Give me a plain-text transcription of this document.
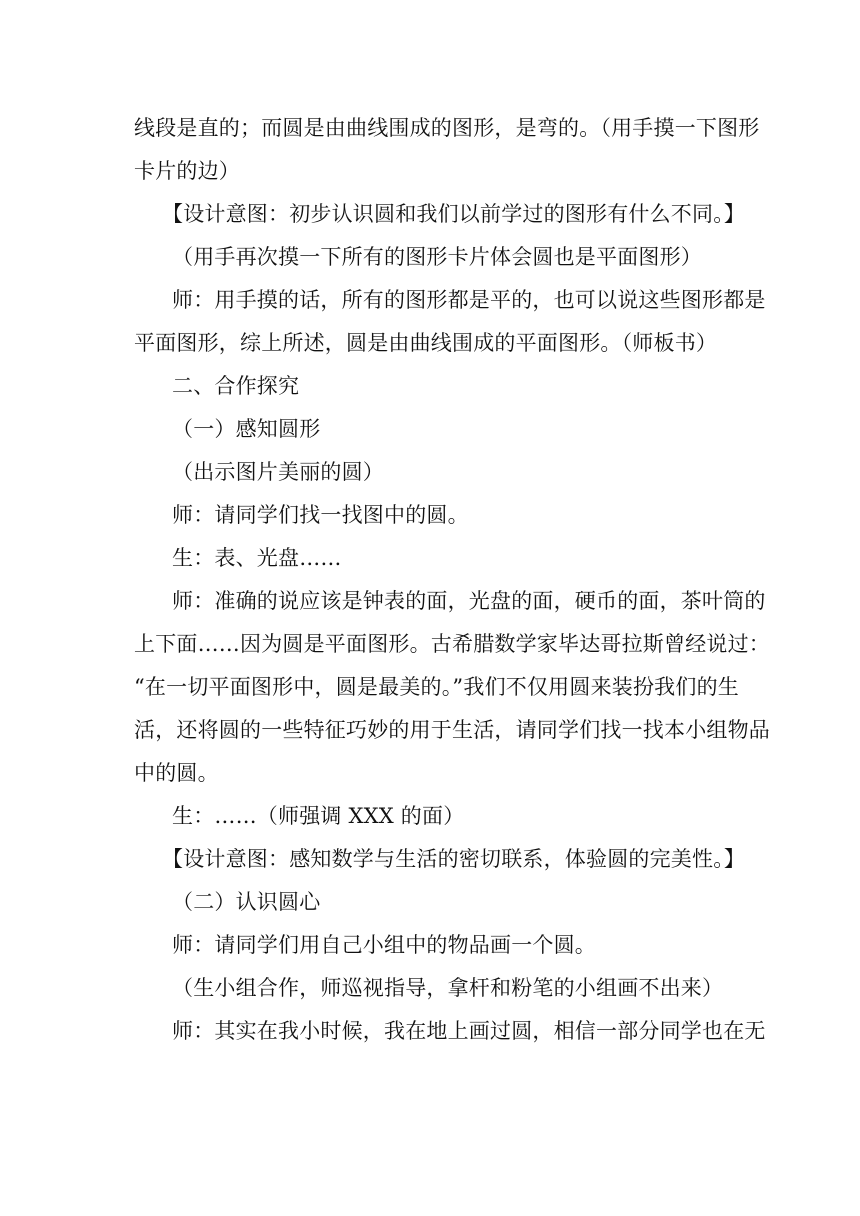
线段是直的；而圆是由曲线围成的图形，是弯的。（用手摸一下图形
卡片的边）
【设计意图：初步认识圆和我们以前学过的图形有什么不同。】
（用手再次摸一下所有的图形卡片体会圆也是平面图形）
师：用手摸的话，所有的图形都是平的，也可以说这些图形都是
平面图形，综上所述，圆是由曲线围成的平面图形。（师板书）
二、合作探究
（一）感知圆形
（出示图片美丽的圆）
师：请同学们找一找图中的圆。
生：表、光盘……
师：准确的说应该是钟表的面，光盘的面，硬币的面，茶叶筒的
上下面……因为圆是平面图形。古希腊数学家毕达哥拉斯曾经说过：
“在一切平面图形中，圆是最美的。”我们不仅用圆来装扮我们的生
活，还将圆的一些特征巧妙的用于生活，请同学们找一找本小组物品
中的圆。
生：……（师强调 XXX 的面）
【设计意图：感知数学与生活的密切联系，体验圆的完美性。】
（二）认识圆心
师：请同学们用自己小组中的物品画一个圆。
（生小组合作，师巡视指导，拿杆和粉笔的小组画不出来）
师：其实在我小时候，我在地上画过圆，相信一部分同学也在无
